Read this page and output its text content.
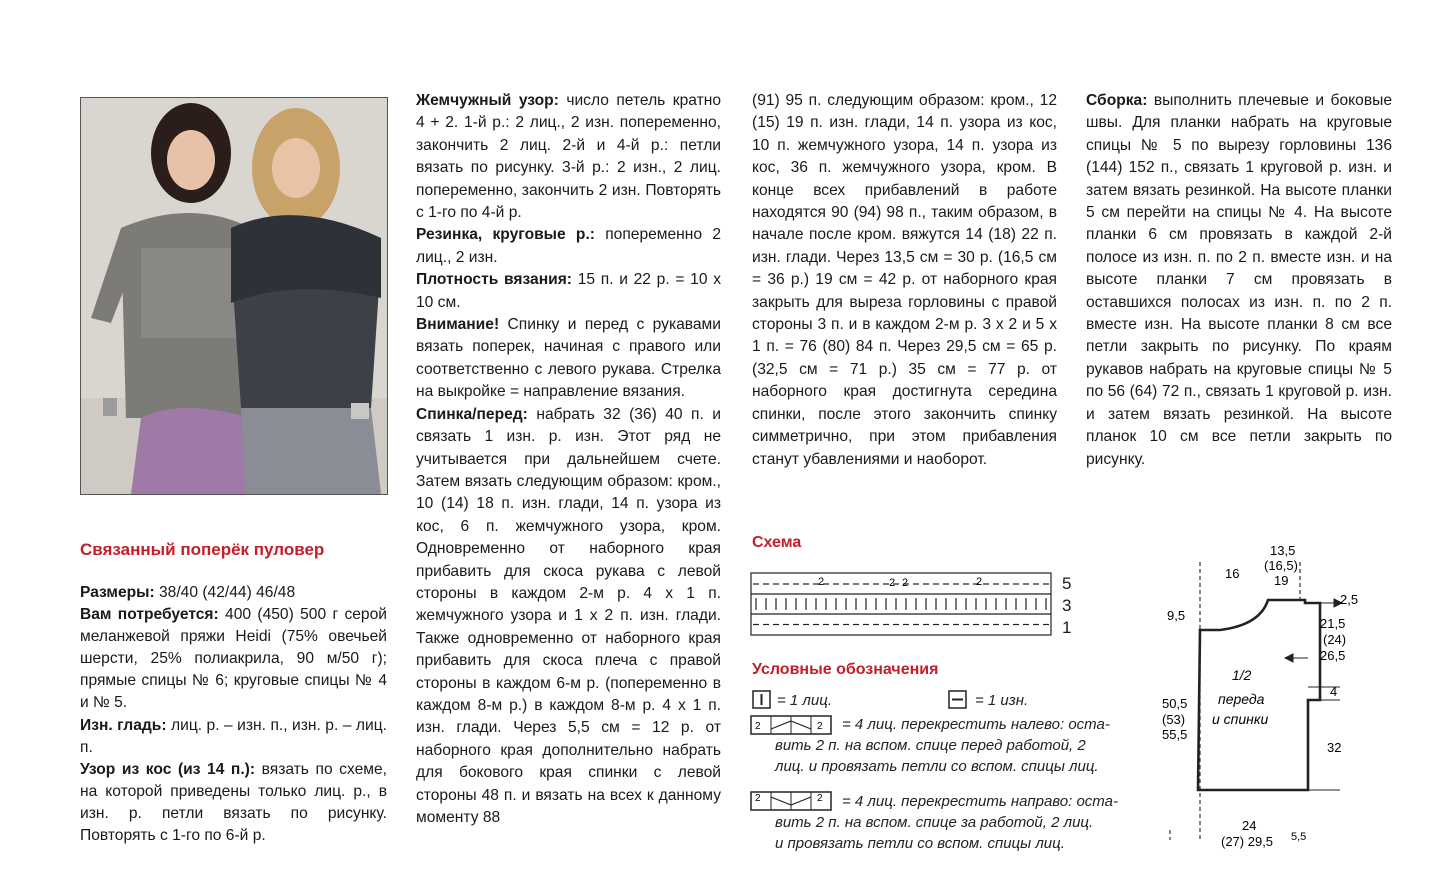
Связанный поперёк пуловер

Размеры: 38/40 (42/44) 46/48

Вам потребуется: 400 (450) 500 г серой меланжевой пряжи Heidi (75% овечьей шерсти, 25% полиакрила, 90 м/50 г); прямые спицы № 6; круговые спицы № 4 и № 5.

Изн. гладь: лиц. р. – изн. п., изн. р. – лиц. п.

Узор из кос (из 14 п.): вязать по схеме, на которой приведены только лиц. р., в изн. р. петли вязать по рисунку. Повторять с 1-го по 6-й р.

Жемчужный узор: число петель кратно 4 + 2. 1-й р.: 2 лиц., 2 изн. попеременно, закончить 2 лиц. 2-й и 4-й р.: петли вязать по рисунку. 3-й р.: 2 изн., 2 лиц. попеременно, закончить 2 изн. Повторять с 1-го по 4-й р.

Резинка, круговые р.: попеременно 2 лиц., 2 изн.

Плотность вязания: 15 п. и 22 р. = 10 х 10 см.

Внимание! Спинку и перед с рукавами вязать поперек, начиная с правого или соответственно с левого рукава. Стрелка на выкройке = направление вязания.

Спинка/перед: набрать 32 (36) 40 п. и связать 1 изн. р. изн. Этот ряд не учитывается при дальнейшем счете. Затем вязать следующим образом: кром., 10 (14) 18 п. изн. глади, 14 п. узора из кос, 6 п. жемчужного узора, кром. Одновременно от наборного края прибавить для скоса рукава с левой стороны в каждом 2-м р. 4 х 1 п. жемчужного узора и 1 х 2 п. изн. глади. Также одновременно от наборного края прибавить для скоса плеча с правой стороны в каждом 6-м р. (попеременно в каждом 8-м р.) в каждом 8-м р. 4 х 1 п. изн. глади. Через 5,5 см = 12 р. от наборного края дополнительно набрать для бокового края спинки с левой стороны 48 п. и вязать на всех к данному моменту 88

(91) 95 п. следующим образом: кром., 12 (15) 19 п. изн. глади, 14 п. узора из кос, 10 п. жемчужного узора, 14 п. узора из кос, 36 п. жемчужного узора, кром. В конце всех прибавлений в работе находятся 90 (94) 98 п., таким образом, в начале после кром. вяжутся 14 (18) 22 п. изн. глади. Через 13,5 см = 30 р. (16,5 см = 36 р.) 19 см = 42 р. от наборного края закрыть для выреза горловины с правой стороны 3 п. и в каждом 2-м р. 3 х 2 и 5 х 1 п. = 76 (80) 84 п. Через 29,5 см = 65 р. (32,5 см = 71 р.) 35 см = 77 р. от наборного края достигнута середина спинки, после этого закончить спинку симметрично, при этом прибавления станут убавлениями и наоборот.

Сборка: выполнить плечевые и боковые швы. Для планки набрать на круговые спицы № 5 по вырезу горловины 136 (144) 152 п., связать 1 круговой р. изн. и затем вязать резинкой. На высоте планки 5 см перейти на спицы № 4. На высоте планки 6 см провязать в каждой 2-й полосе из изн. п. по 2 п. вместе изн. и на высоте планки 7 см провязать в оставшихся полосах из изн. п. по 2 п. вместе изн. На высоте планки 8 см все петли закрыть по рисунку. По краям рукавов набрать на круговые спицы № 5 по 56 (64) 72 п., связать 1 круговой р. изн. и затем вязать резинкой. На высоте планок 10 см все петли закрыть по рисунку.

Схема
2	2 2	2	5
3
1
Условные обозначения
= 1 лиц.	= 1 изн.
2	2 = 4 лиц. перекрестить налево: оста-
вить 2 п. на вспом. спице перед работой, 2
лиц. и провязать петли со вспом. спицы лиц.
2	2 = 4 лиц. перекрестить направо: оста-
вить 2 п. на вспом. спице за работой, 2 лиц.
и провязать петли со вспом. спицы лиц.
16
13,5
(16,5)
19
2,5
9,5
21,5
(24)
26,5
4
50,5
(53)
55,5
1/2
переда
и спинки
32
24
(27) 29,5 5,5
